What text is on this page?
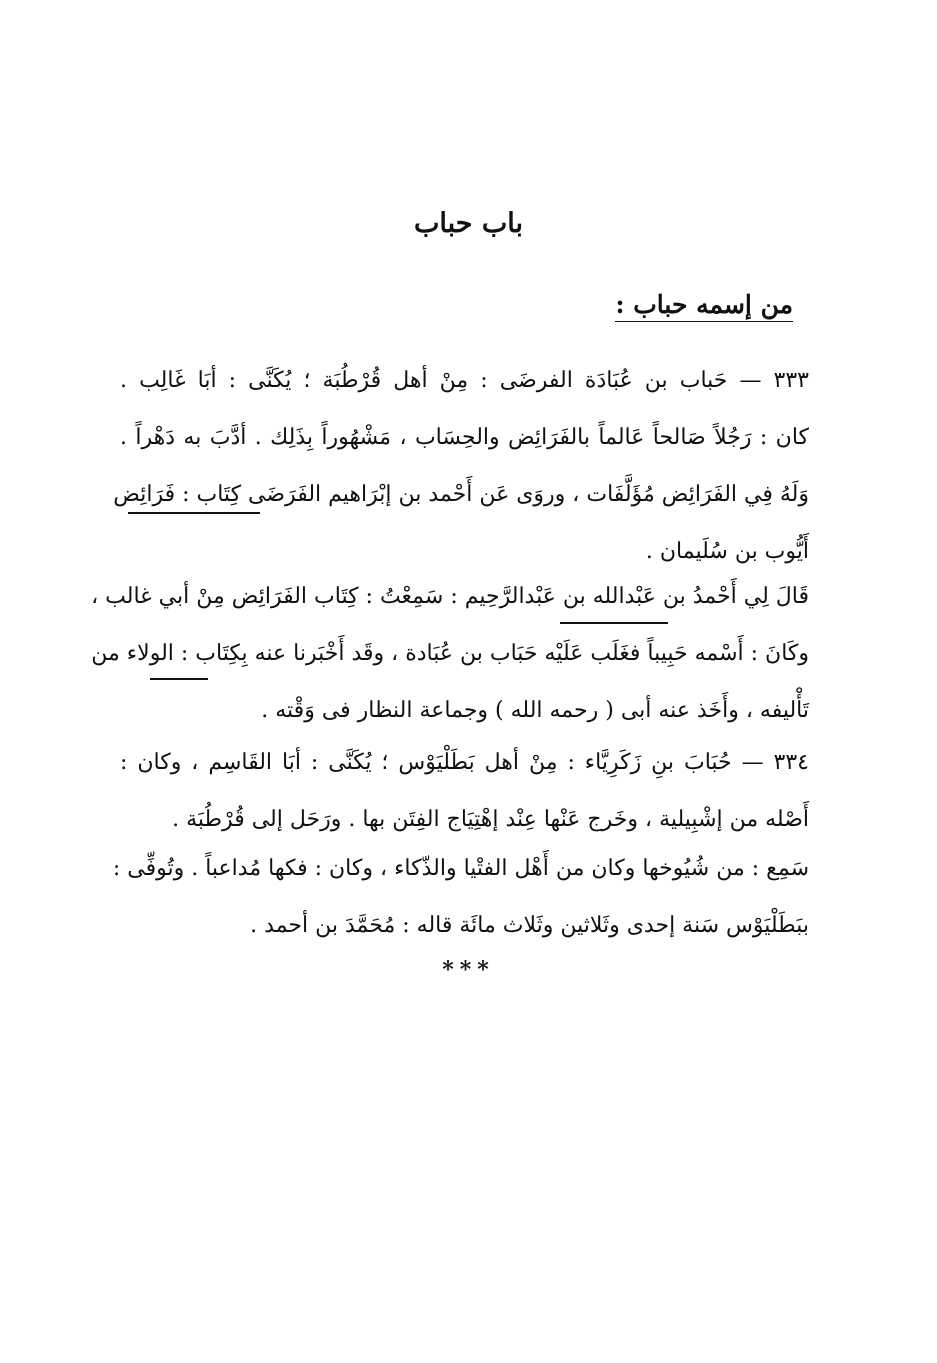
باب حباب
من إسمه حباب :
٣٣٣ — حَباب بن عُبَادَة الفرضَى : مِنْ أهل قُرْطُبَة ؛ يُكَنَّى : أبَا غَالِب .
كان : رَجُلاً صَالحاً عَالماً بالفَرَائِض والحِسَاب ، مَشْهُوراً بِذَلِك . أدَّبَ به دَهْراً .
وَلَهُ فِي الفَرَائِض مُؤَلَّفَات ، وروَى عَن أَحْمد بن إبْرَاهيم الفَرَضَى كِتَاب : فَرَائِض
أَيُّوب بن سُلَيمان .
قَالَ لِي أَحْمدُ بن عَبْدالله بن عَبْدالرَّحِيم : سَمِعْتُ : كِتَاب الفَرَائِض مِنْ أبي غالب ،
وكَانَ : أَسْمه حَبِيباً فغَلَب عَلَيْه حَبَاب بن عُبَادة ، وقَد أَخْبَرنا عنه بِكِتَاب : الولاء من
تَأْليفه ، وأَخَذ عنه أبى ( رحمه الله ) وجماعة النظار فى وَقْته .
٣٣٤ — حُبَابَ بنِ زَكَرِيَّاء : مِنْ أهل بَطَلْيَوْس ؛ يُكَنَّى : أبَا القَاسِم ، وكان :
أَصْله من إشْبِيلية ، وخَرج عَنْها عِنْد إهْتِيَاج الفِتَن بها . ورَحَل إلى قُرْطُبَة .
سَمِع : من شُيُوخها وكان من أَهْل الفتْيا والذّكاء ، وكان : فكها مُداعباً . وتُوفِّى :
ببَطَلْيَوْس سَنة إحدى وثَلاثين وثَلاث مائَة قاله : مُحَمَّدَ بن أحمد .
***
